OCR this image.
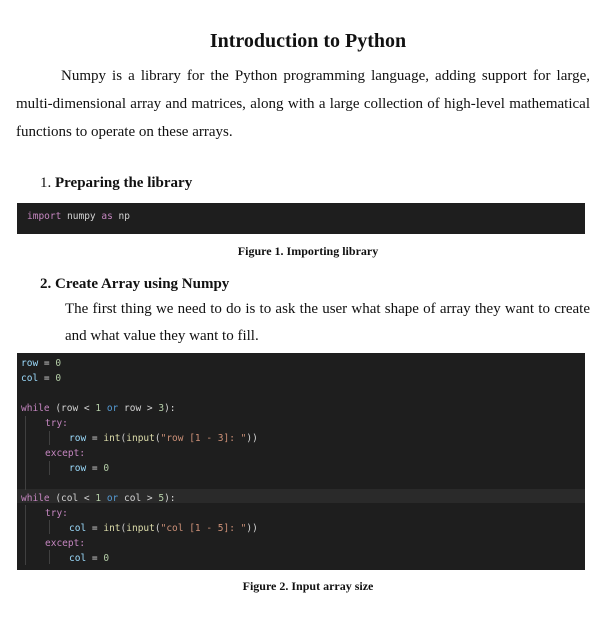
Introduction to Python

Numpy is a library for the Python programming language, adding support for large, multi-dimensional array and matrices, along with a large collection of high-level mathematical functions to operate on these arrays.

1. Preparing the library

import numpy as np
Figure 1. Importing library

2. Create Array using Numpy

The first thing we need to do is to ask the user what shape of array they want to create and what value they want to fill.

row = 0
col = 0
while (row < 1 or row > 3):
try:
row = int(input("row [1 - 3]: "))
except:
row = 0
while (col < 1 or col > 5):
try:
col = int(input("col [1 - 5]: "))
except:
col = 0
Figure 2. Input array size
